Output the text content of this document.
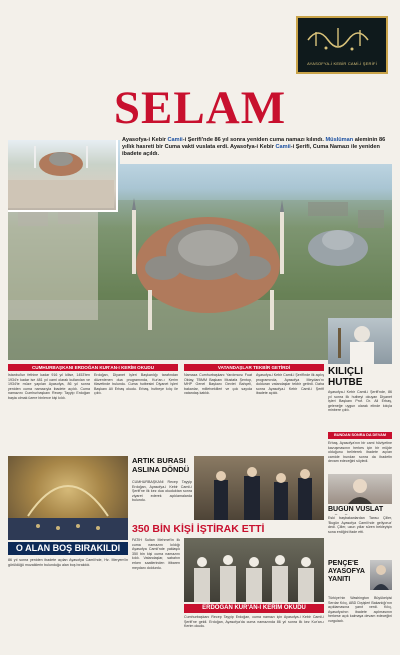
AYASOFYA-İ KEBİR CAMİ-İ ŞERİFİ
SELAM
Ayasofya-i Kebir Camii-i Şerifi'nde 86 yıl sonra yeniden cuma namazı kılındı. Müslüman aleminin 86 yıllık hasreti bir Cuma vakti vuslata erdi. Ayasofya-i Kebir Camii-i Şerifi, Cuma Namazı ile yeniden ibadete açıldı.
CUMHURBAŞKANI ERDOĞAN KUR'AN-I KERİM OKUDU
İstanbul'un fethine kadar 916 yıl kilise, 1453'ten 1934'e kadar ise 481 yıl cami olarak kullanılan ve 1934'te müze yapılan Ayasofya, 86 yıl sonra yeniden cuma namazıyla ibadete açıldı. Cuma namazını Cumhurbaşkanı Recep Tayyip Erdoğan başta olmak üzere binlerce kişi kıldı.
Erdoğan, Diyanet İşleri Başkanlığı tarafından düzenlenen dua programında, Kur'an-ı Kerim tilavetinde bulundu. Cuma hutbesini Diyanet İşleri Başkanı Ali Erbaş okudu. Erbaş, hutbeye kılıç ile çıktı.
VATANDAŞLAR TEKBİR GETİRDİ
Namaza Cumhurbaşkanı Yardımcısı Fuat Oktay, TBMM Başkanı Mustafa Şentop, MHP Genel Başkanı Devlet Bahçeli, bakanlar, milletvekilleri ve çok sayıda vatandaş katıldı.
Ayasofya-i Kebir Camii-i Şerifi'nde ilk açılış programında, Ayasofya Meydanı'nı dolduran vatandaşlar tekbir getirdi. Daha sonra Ayasofya-i Kebir Camii-i Şerifi ibadete açıldı.
KILIÇLI HUTBE
Ayasofya-i Kebir Camii-i Şerifi'nde, 86 yıl sonra ilk hutbeyi okuyan Diyanet İşleri Başkanı Prof. Dr. Ali Erbaş, geleneğe uygun olarak elinde kılıçla minbere çıktı.
BUNDAN SONRA DA DEVAM
Erbaş, Ayasofya'nın bir cami hüviyetine kavuşmasının herkes için bir müjde olduğunu belirterek ibadete açılan camide bundan sonra da ibadetin devam edeceğini söyledi.
BUGÜN VUSLAT
Eski başbakanlardan Tansu Çiller, 'Bugün Ayasofya Camii'nde geliyoruz' dedi. Çiller, uzun yıllar süren bekleyişin sona erdiğini ifade etti.
PENÇE'E AYASOFYA YANITI
Türkiye'nin Washington Büyükelçisi Serdar Kılıç, ABD Dışişleri Bakanlığı'nın açıklamasına yanıt verdi. Kılıç, Ayasofya'nın ibadete açılmasının herkese açık kalmaya devam edeceğini vurguladı.
O ALAN BOŞ BIRAKILDI
86 yıl sonra yeniden ibadete açılan Ayasofya Camii'nde, Hz. Meryem'in görüldüğü mozaiklerin bulunduğu alan boş bırakıldı.
ARTIK BURASI ASLINA DÖNDÜ
CUMHURBAŞKANI Recep Tayyip Erdoğan, Ayasofya-i Kebir Camii-i Şerifi'ne ilk kez dua okuduktan sonra ziyaret ederek açıklamalarda bulundu.
350 BİN KİŞİ İŞTİRAK ETTİ
FATİH Sultan Mehmet'in ilk cuma namazını kıldığı Ayasofya Camii'nde yaklaşık 350 bin kişi cuma namazını kıldı. Vatandaşlar, sabahın erken saatlerinden itibaren meydanı doldurdu.
ERDOĞAN KUR'AN-I KERİM OKUDU
Cumhurbaşkanı Recep Tayyip Erdoğan, cuma namazı için Ayasofya-i Kebir Camii-i Şerifi'ne geldi. Erdoğan, Ayasofya'da cuma namazında 86 yıl sonra ilk kez Kur'an-ı Kerim okudu.
